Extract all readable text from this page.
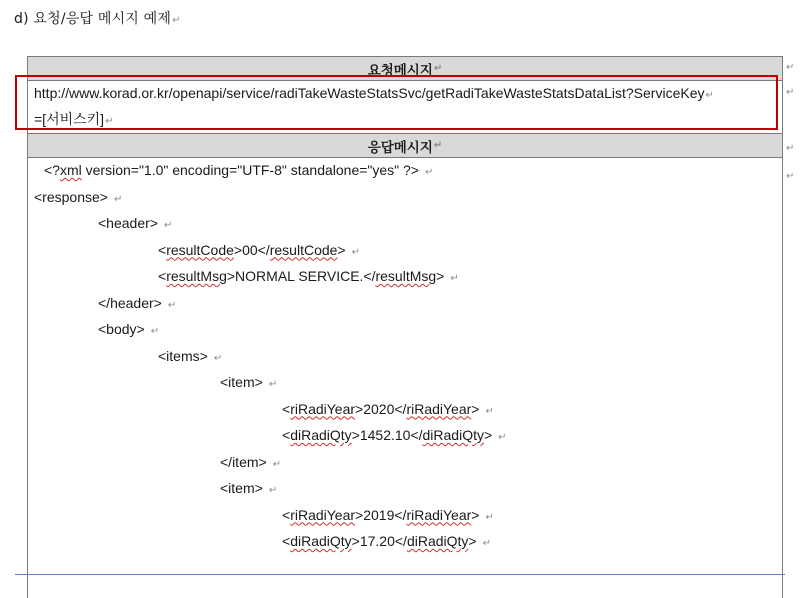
d) 요청/응답 메시지 예제↵
요청메시지 ↵
http://www.korad.or.kr/openapi/service/radiTakeWasteStatsSvc/getRadiTakeWasteStatsDataList?ServiceKey↵
=[서비스키]↵
응답메시지 ↵
<?xml version="1.0" encoding="UTF-8" standalone="yes" ?> ↵
<response> ↵
<header> ↵
<resultCode>00</resultCode> ↵
<resultMsg>NORMAL SERVICE.</resultMsg> ↵
</header> ↵
<body> ↵
<items> ↵
<item> ↵
<riRadiYear>2020</riRadiYear> ↵
<diRadiQty>1452.10</diRadiQty> ↵
</item> ↵
<item> ↵
<riRadiYear>2019</riRadiYear> ↵
<diRadiQty>17.20</diRadiQty> ↵
↵
↵
↵
↵
